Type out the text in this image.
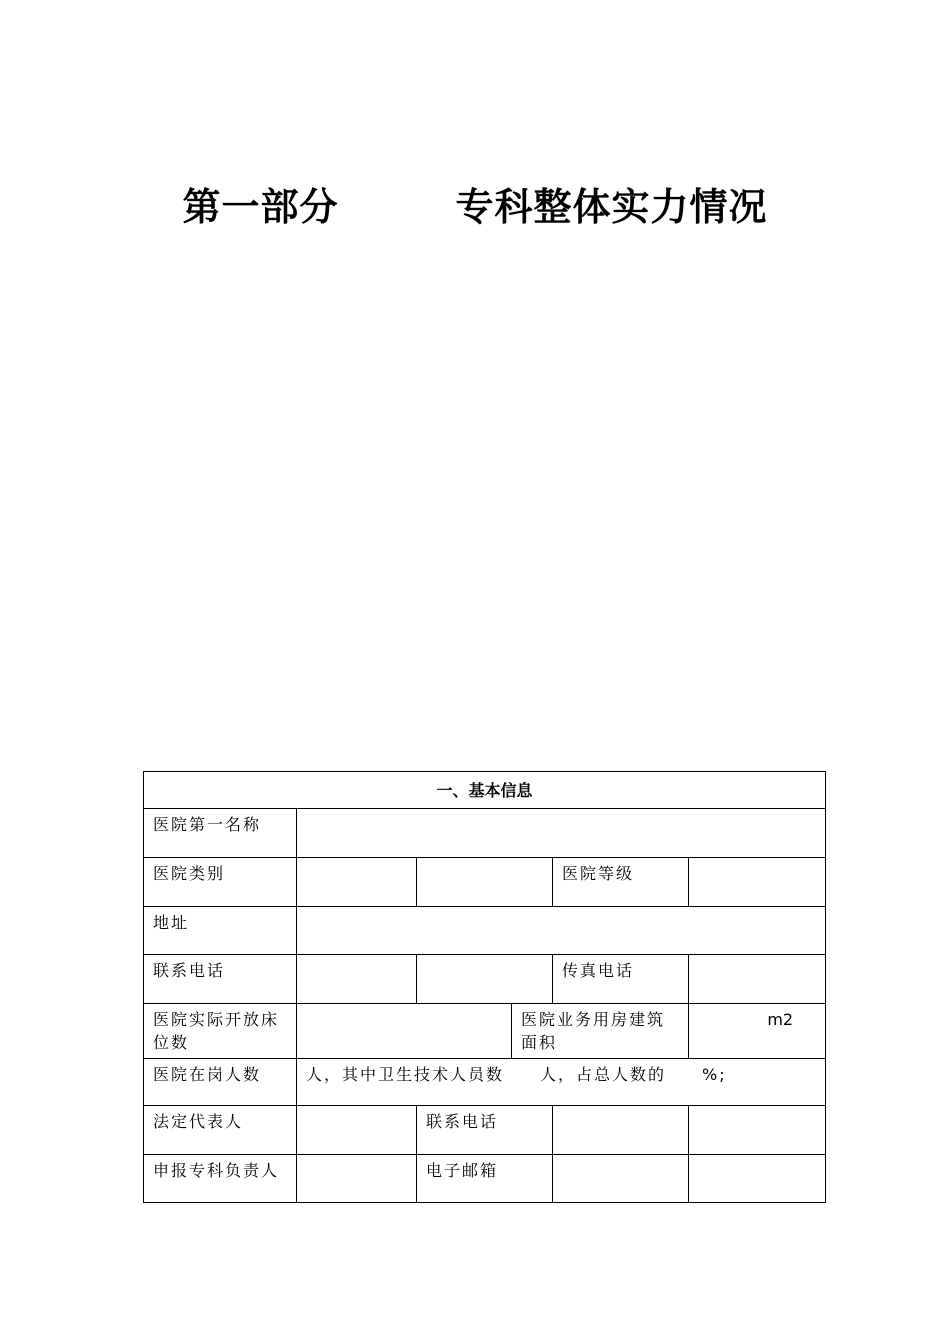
第一部分　　　专科整体实力情况
一、基本信息					
医院第一名称					
医院类别				医院等级	
地址					
联系电话				传真电话	
医院实际开放床位数			医院业务用房建筑面积		m2
医院在岗人数	人，其中卫生技术人员数　　人，占总人数的　　%;				
法定代表人		联系电话			
申报专科负责人		电子邮箱			
